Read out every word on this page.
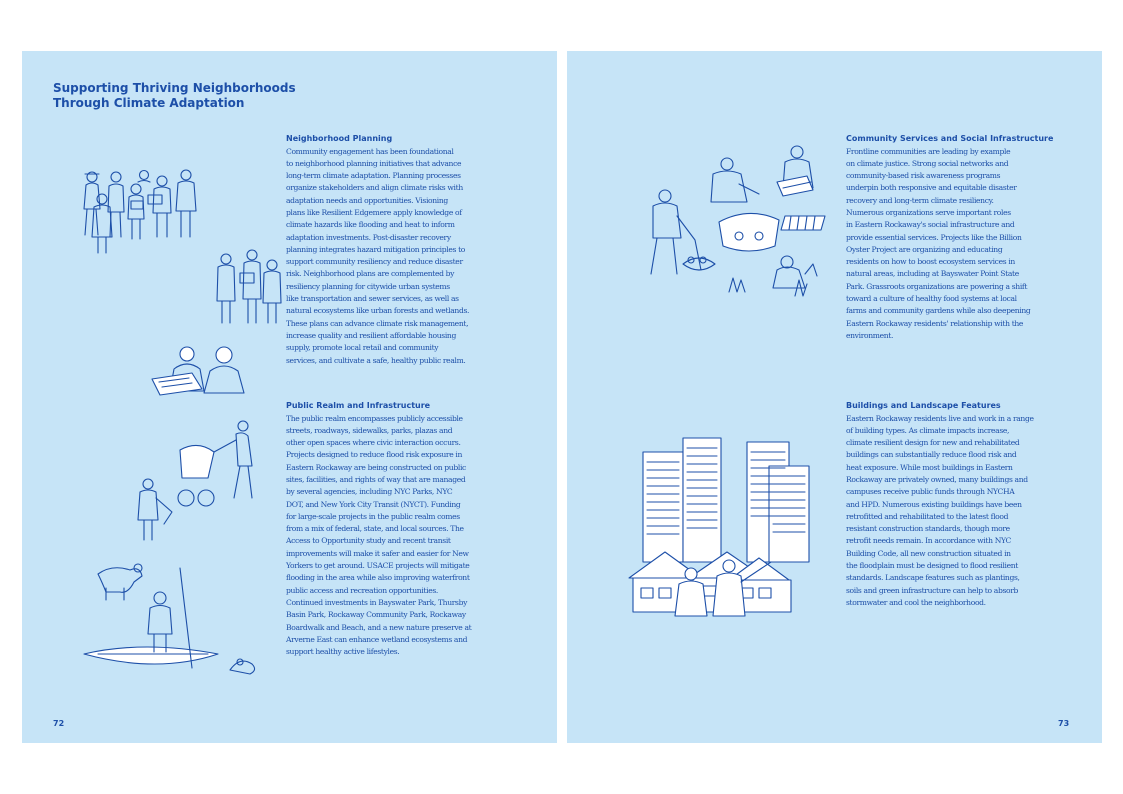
Supporting Thriving Neighborhoods
Through Climate Adaptation
Neighborhood Planning

Community engagement has been foundational
to neighborhood planning initiatives that advance
long-term climate adaptation. Planning processes
organize stakeholders and align climate risks with
adaptation needs and opportunities. Visioning
plans like Resilient Edgemere apply knowledge of
climate hazards like flooding and heat to inform
adaptation investments. Post-disaster recovery
planning integrates hazard mitigation principles to
support community resiliency and reduce disaster
risk. Neighborhood plans are complemented by
resiliency planning for citywide urban systems
like transportation and sewer services, as well as
natural ecosystems like urban forests and wetlands.
These plans can advance climate risk management,
increase quality and resilient affordable housing
supply, promote local retail and community
services, and cultivate a safe, healthy public realm.

Public Realm and Infrastructure

The public realm encompasses publicly accessible
streets, roadways, sidewalks, parks, plazas and
other open spaces where civic interaction occurs.
Projects designed to reduce flood risk exposure in
Eastern Rockaway are being constructed on public
sites, facilities, and rights of way that are managed
by several agencies, including NYC Parks, NYC
DOT, and New York City Transit (NYCT). Funding
for large-scale projects in the public realm comes
from a mix of federal, state, and local sources. The
Access to Opportunity study and recent transit
improvements will make it safer and easier for New
Yorkers to get around. USACE projects will mitigate
flooding in the area while also improving waterfront
public access and recreation opportunities.
Continued investments in Bayswater Park, Thursby
Basin Park, Rockaway Community Park, Rockaway
Boardwalk and Beach, and a new nature preserve at
Arverne East can enhance wetland ecosystems and
support healthy active lifestyles.

72
Community Services and Social Infrastructure

Frontline communities are leading by example
on climate justice. Strong social networks and
community-based risk awareness programs
underpin both responsive and equitable disaster
recovery and long-term climate resiliency.
Numerous organizations serve important roles
in Eastern Rockaway's social infrastructure and
provide essential services. Projects like the Billion
Oyster Project are organizing and educating
residents on how to boost ecosystem services in
natural areas, including at Bayswater Point State
Park. Grassroots organizations are powering a shift
toward a culture of healthy food systems at local
farms and community gardens while also deepening
Eastern Rockaway residents' relationship with the
environment.

Buildings and Landscape Features

Eastern Rockaway residents live and work in a range
of building types. As climate impacts increase,
climate resilient design for new and rehabilitated
buildings can substantially reduce flood risk and
heat exposure. While most buildings in Eastern
Rockaway are privately owned, many buildings and
campuses receive public funds through NYCHA
and HPD. Numerous existing buildings have been
retrofitted and rehabilitated to the latest flood
resistant construction standards, though more
retrofit needs remain. In accordance with NYC
Building Code, all new construction situated in
the floodplain must be designed to flood resilient
standards. Landscape features such as plantings,
soils and green infrastructure can help to absorb
stormwater and cool the neighborhood.

73
